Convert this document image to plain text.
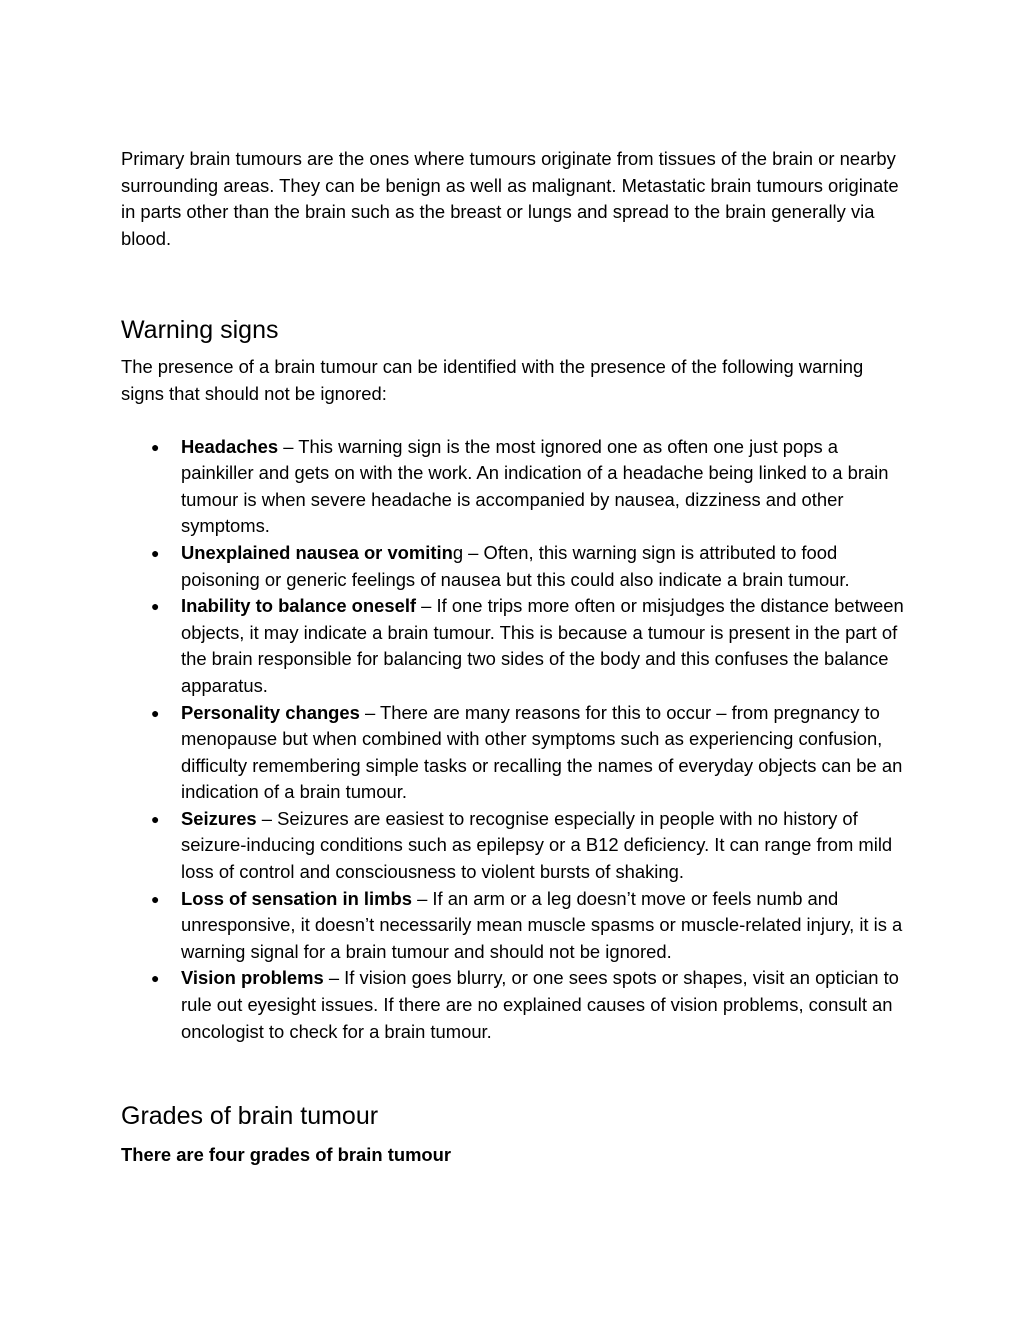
Primary brain tumours are the ones where tumours originate from tissues of the brain or nearby surrounding areas. They can be benign as well as malignant. Metastatic brain tumours originate in parts other than the brain such as the breast or lungs and spread to the brain generally via blood.

Warning signs

The presence of a brain tumour can be identified with the presence of the following warning signs that should not be ignored:

● Headaches – This warning sign is the most ignored one as often one just pops a painkiller and gets on with the work. An indication of a headache being linked to a brain tumour is when severe headache is accompanied by nausea, dizziness and other symptoms.
● Unexplained nausea or vomiting – Often, this warning sign is attributed to food poisoning or generic feelings of nausea but this could also indicate a brain tumour.
● Inability to balance oneself – If one trips more often or misjudges the distance between objects, it may indicate a brain tumour. This is because a tumour is present in the part of the brain responsible for balancing two sides of the body and this confuses the balance apparatus.
● Personality changes – There are many reasons for this to occur – from pregnancy to menopause but when combined with other symptoms such as experiencing confusion, difficulty remembering simple tasks or recalling the names of everyday objects can be an indication of a brain tumour.
● Seizures – Seizures are easiest to recognise especially in people with no history of seizure-inducing conditions such as epilepsy or a B12 deficiency. It can range from mild loss of control and consciousness to violent bursts of shaking.
● Loss of sensation in limbs – If an arm or a leg doesn’t move or feels numb and unresponsive, it doesn’t necessarily mean muscle spasms or muscle-related injury, it is a warning signal for a brain tumour and should not be ignored.
● Vision problems – If vision goes blurry, or one sees spots or shapes, visit an optician to rule out eyesight issues. If there are no explained causes of vision problems, consult an oncologist to check for a brain tumour.
Grades of brain tumour

There are four grades of brain tumour
